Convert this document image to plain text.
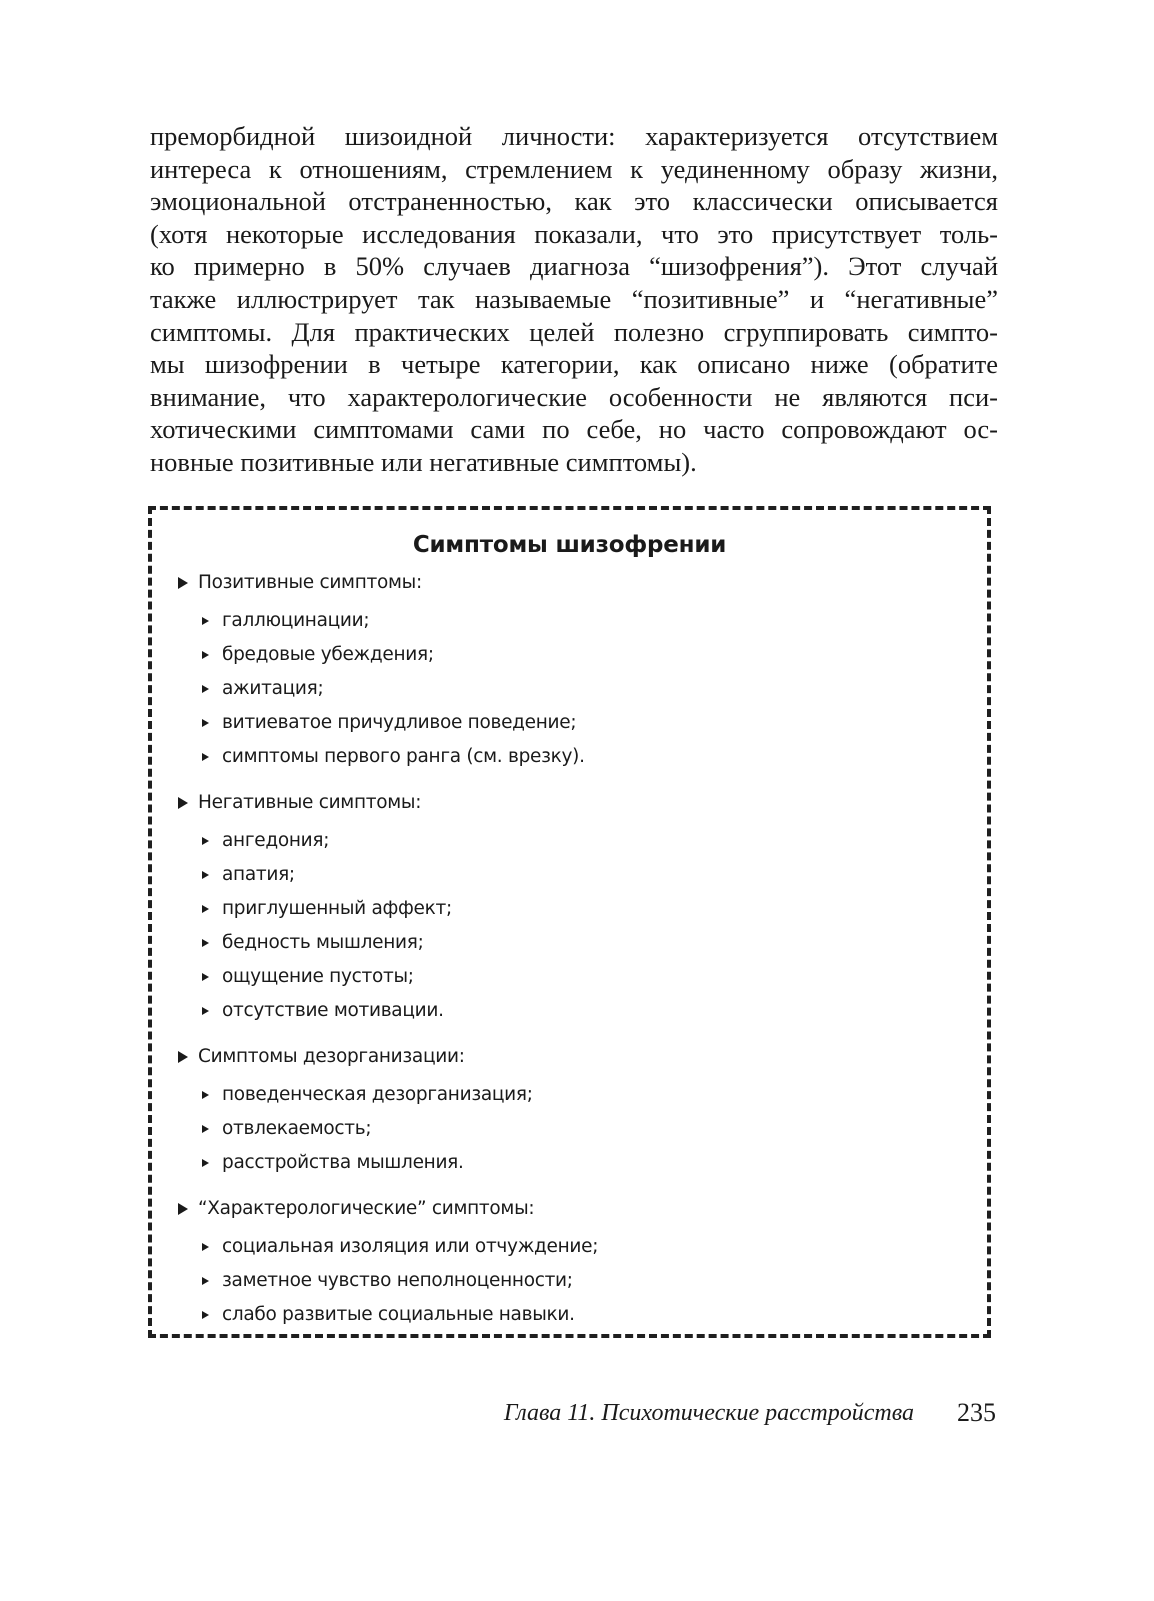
преморбидной шизоидной личности: характеризуется отсутствием
интереса к отношениям, стремлением к уединенному образу жизни,
эмоциональной отстраненностью, как это классически описывается
(хотя некоторые исследования показали, что это присутствует толь-
ко примерно в 50% случаев диагноза “шизофрения”). Этот случай
также иллюстрирует так называемые “позитивные” и “негативные”
симптомы. Для практических целей полезно сгруппировать симпто-
мы шизофрении в четыре категории, как описано ниже (обратите
внимание, что характерологические особенности не являются пси-
хотическими симптомами сами по себе, но часто сопровождают ос-
новные позитивные или негативные симптомы).
Симптомы шизофрении
Позитивные симптомы:
галлюцинации;
бредовые убеждения;
ажитация;
витиеватое причудливое поведение;
симптомы первого ранга (см. врезку).
Негативные симптомы:
ангедония;
апатия;
приглушенный аффект;
бедность мышления;
ощущение пустоты;
отсутствие мотивации.
Симптомы дезорганизации:
поведенческая дезорганизация;
отвлекаемость;
расстройства мышления.
“Характерологические” симптомы:
социальная изоляция или отчуждение;
заметное чувство неполноценности;
слабо развитые социальные навыки.
Глава 11. Психотические расстройства 235
